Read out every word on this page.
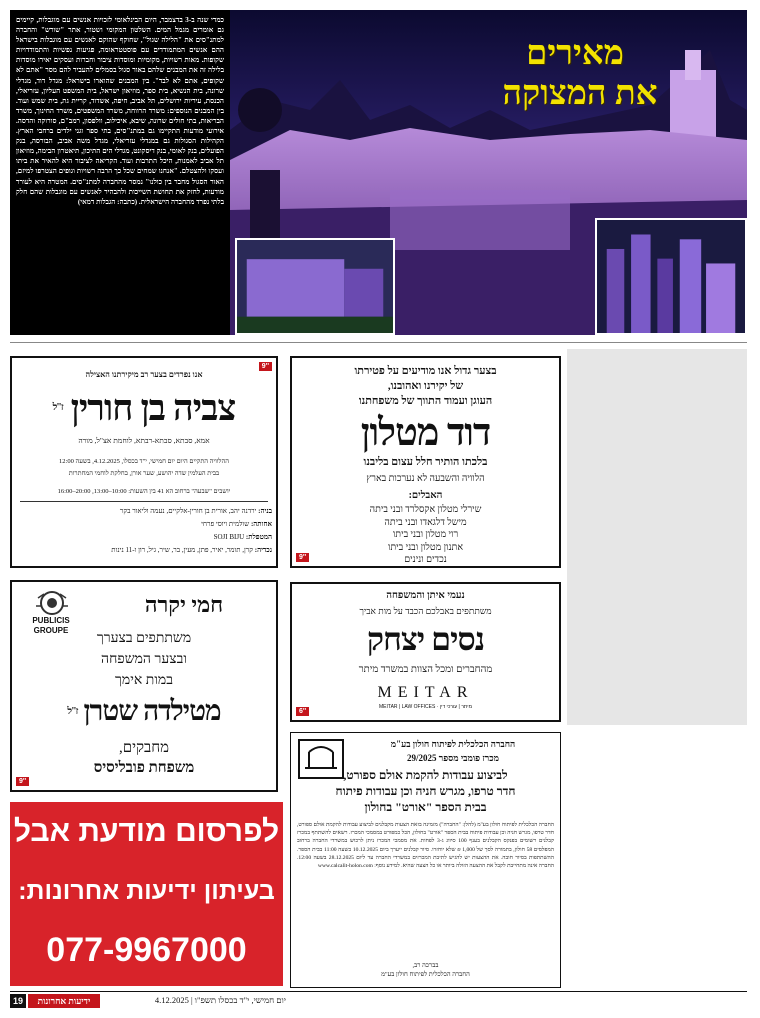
כמדי שנה ב-3 בדצמבר, היום הבינלאומי לזכויות אנשים עם מוגבלות, קיימים גם אומרים מגמל המים. השלטון המקומי ושטור, אתר "שורש" והחברה למתנ"סים את "הלילה שגול", שחוקף שהוקם לאנשים עם מוגבלות בישראל ההם אנשים המתמודדים עם פוסטטראומה, פגיעות נפשיות והתמודדויות שקופות. מאות רשויות, מקומיות ומוסדות ציבור וחברות ועסקים יאירו מוסדות בלילה זה את המבנים שלהם באור סגול בסמלים להעביר להם מסר "אתם לא שקופים, אתם לא לבד". בין המבנים שהוארו בישראל: מגדל דוד, מגדלי שרונה, בית הנשיא, בית ספר, מוזיאון ישראל, בית המשפט העליון, עזריאלי, הכנסת, עיריות ירושלים, תל אביב, חיפה, אשדוד, קריית גת, בית שמש ועוד. בין המבנים הנוספים: משרד הרווחה, משרד המשפטים, משרד החינוך, משרד הבריאות, בתי חולים שרונה, שיבא, איכילוב, וולפסון, רמב"ם, סורוקה והדסה. אירועי מודעות התקיימו גם במתנ"סים, בתי ספר וגני ילדים ברחבי הארץ. הקהילות הסגולות גם במגדלי עזריאלי, מגדל משה אביב, הבורסה, בנק הפועלים, בנק לאומי, בנק דיסקונט, מגדלי הים התיכון, תיאטרון הבימה, מוזיאון תל אביב לאמנות, היכל התרבות ועוד. הקריאה לציבור היא להאיר את ביתו ועסקו ולהצטלם. "אנחנו שמחים שכל כך הרבה רשויות וגופים הצטרפו למיזם, האור הסגול מחבר בין כולנו" נמסר מהחברה למתנ"סים. המטרה היא לעורר מודעות, לחזק את תחושת השייכות ולהבהיר לאנשים עם מוגבלות שהם חלק בלתי נפרד מהחברה הישראלית. (כתבה: הגבלות דמאי)
מאירים
את המצוקה
9''
אנו נפרדים בצער רב מיקירתנו האצילה
צביה בן חורין $^{ז"ל}$
אמא, סבתא, סבתא-רבתא, לוחמת אצ"ל, מורה
ההלוויה התקיים היום יום חמישי, י"ד בכסלו, 4.12.2025, בשעה 12:00
בבית העלמין שדה יהושע, שער אורן, בחלקת לוחמי המחתרות
יושבים "שבעה" ברחוב הא 41 בין השעות: 10:00–13:00, 20:00–16:00
בניה: ירדנה יהב, אורית בן חורין-אלקיים, נעמה וליאור בקר
אחותה: שולמית ויוסי פרחי
המטפלת: SOJI BIJU
נכדיה: קרן, תומר, יאיר, פתן, מעין, בר, שיר, גיל, רון ו-11 נינות
בצער גדול אנו מודיעים על פטירתו
של יקירנו ואהובנו,
העוגן ועמוד התווך של משפחתנו
דוד מטלון
בלכתו הותיר חלל עצום בליבנו
הלוויה והשבעה לא נערכות בארץ
האבלים:
שירלי מטלון אקסלרד ובני ביתה
מישל דלגאדו ובני ביתה
רוי מטלון ובני ביתו
אתנון מטלון ובני ביתו
נכדים ונינים
9''
PUBLICIS
GROUPE
חמי יקרה
משתתפים בצערך
ובצער המשפחה
במות אימך
מטילדה שטרן $^{ז"ל}$
מחבקים,
משפחת פובליסיס
9''
נעמי איתן והמשפחה
משתתפים באבלכם הכבד על מות אביך
נסים יצחק
מהחברים ומכל הצוות במשרד מיתר
MEITAR
MEITAR | LAW OFFICES · מיתר | עורכי דין
6''
לפרסום מודעת אבל
בעיתון ידיעות אחרונות:
077-9967000
החברה הכלכלית לפיתוח חולון בע"מ
מכרז פומבי מספר 29/2025
לביצוע עבודות להקמת אולם ספורט,
חדר טרפו, מגרש חניה וכן עבודות פיתוח
בבית הספר "אורט" בחולון
החברה הכלכלית לפיתוח חולון בע"מ (להלן: "החברה") מזמינה בזאת הצעות מקבלנים לביצוע עבודות להקמת אולם ספורט, חדר טרפו, מגרש חניה וכן עבודות פיתוח בבית הספר "אורט" בחולון, הכל כמפורט במסמכי המכרז. רשאים להשתתף במכרז קבלנים רשומים בפנקס הקבלנים בענף 100 סיווג ג-3 לפחות. את מסמכי המכרז ניתן לרכוש במשרדי החברה ברחוב המפלסים 58 חולון, בתמורה לסך של 1,000 ₪ שלא יוחזרו. סיור קבלנים ייערך ביום 10.12.2025 בשעה 11:00 בבית הספר. ההשתתפות בסיור חובה. את ההצעות יש להגיש לתיבת המכרזים במשרדי החברה עד ליום 28.12.2025 בשעה 12:00. החברה אינה מתחייבת לקבל את ההצעה הזולה ביותר או כל הצעה שהיא. למידע נוסף: www.calcalit-holon.com
בברכה רב,
החברה הכלכלית לפיתוח חולון בע"מ
19	ידיעות אחרונות	יום חמישי, י"ד בכסלו תשפ"ו | 4.12.2025
